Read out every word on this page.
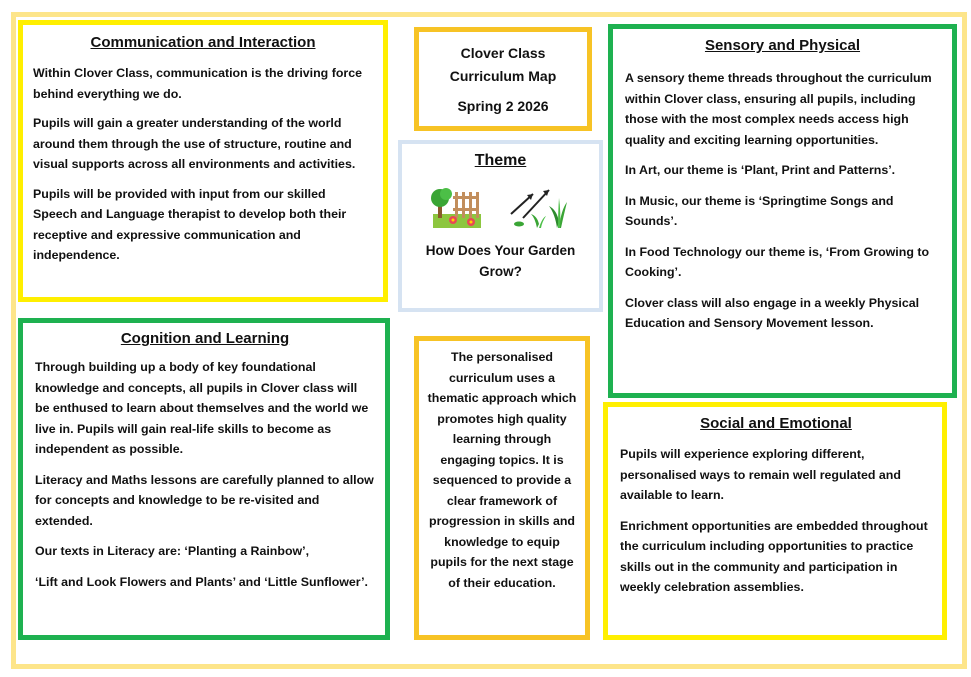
Communication and Interaction

Within Clover Class, communication is the driving force behind everything we do.

Pupils will gain a greater understanding of the world around them through the use of structure, routine and visual supports across all environments and activities.

Pupils will be provided with input from our skilled Speech and Language therapist to develop both their receptive and expressive communication and independence.

Cognition and Learning

Through building up a body of key foundational knowledge and concepts, all pupils in Clover class will be enthused to learn about themselves and the world we live in. Pupils will gain real-life skills to become as independent as possible.

Literacy and Maths lessons are carefully planned to allow for concepts and knowledge to be re-visited and extended.

Our texts in Literacy are: ‘Planting a Rainbow’,

‘Lift and Look Flowers and Plants’ and ‘Little Sunflower’.

Clover Class
Curriculum Map
Spring 2 2026

Theme

How Does Your Garden
Grow?

The personalised curriculum uses a thematic approach which promotes high quality learning through engaging topics. It is sequenced to provide a clear framework of progression in skills and knowledge to equip pupils for the next stage of their education.

Sensory and Physical

A sensory theme threads throughout the curriculum within Clover class, ensuring all pupils, including those with the most complex needs access high quality and exciting learning opportunities.

In Art, our theme is ‘Plant, Print and Patterns’.

In Music, our theme is ‘Springtime Songs and Sounds’.

In Food Technology our theme is, ‘From Growing to Cooking’.

Clover class will also engage in a weekly Physical Education and Sensory Movement lesson.

Social and Emotional

Pupils will experience exploring different, personalised ways to remain well regulated and available to learn.

Enrichment opportunities are embedded throughout the curriculum including opportunities to practice skills out in the community and participation in weekly celebration assemblies.
